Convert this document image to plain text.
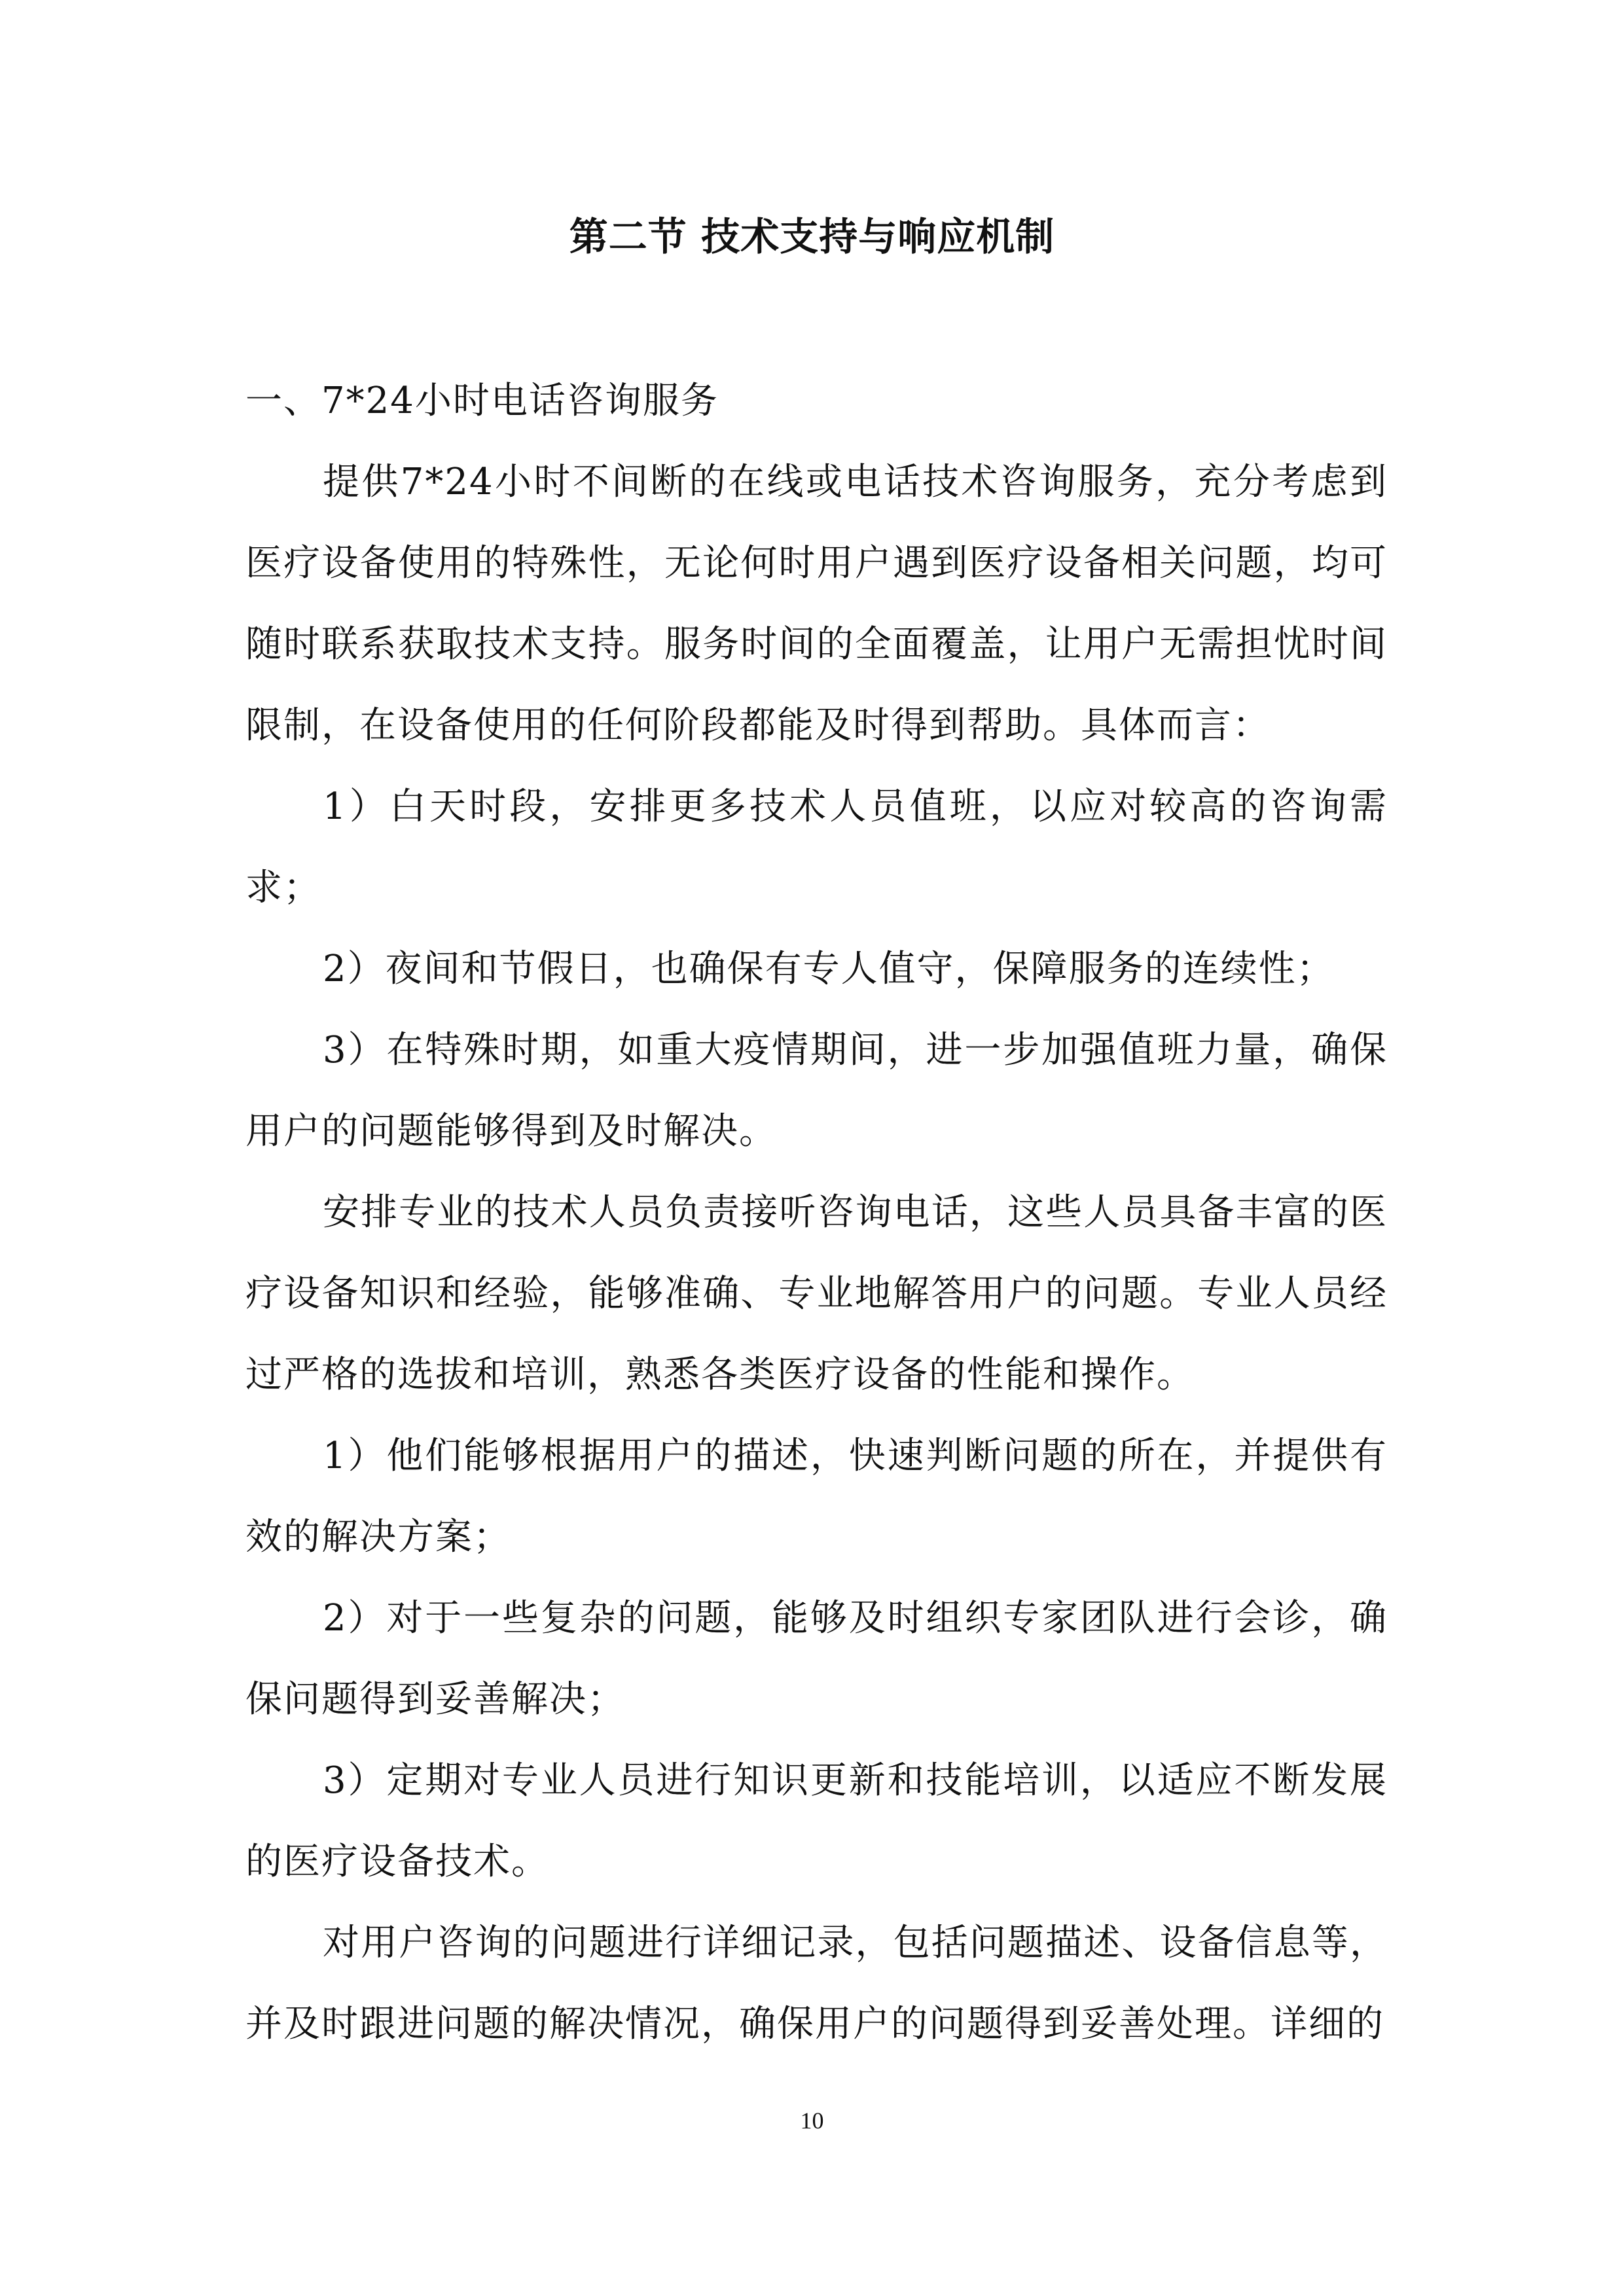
第二节 技术支持与响应机制

一、7*24小时电话咨询服务

提供7*24小时不间断的在线或电话技术咨询服务，充分考虑到医疗设备使用的特殊性，无论何时用户遇到医疗设备相关问题，均可随时联系获取技术支持。服务时间的全面覆盖，让用户无需担忧时间限制，在设备使用的任何阶段都能及时得到帮助。具体而言：

1）白天时段，安排更多技术人员值班，以应对较高的咨询需求；

2）夜间和节假日，也确保有专人值守，保障服务的连续性；

3）在特殊时期，如重大疫情期间，进一步加强值班力量，确保用户的问题能够得到及时解决。

安排专业的技术人员负责接听咨询电话，这些人员具备丰富的医疗设备知识和经验，能够准确、专业地解答用户的问题。专业人员经过严格的选拔和培训，熟悉各类医疗设备的性能和操作。

1）他们能够根据用户的描述，快速判断问题的所在，并提供有效的解决方案；

2）对于一些复杂的问题，能够及时组织专家团队进行会诊，确保问题得到妥善解决；

3）定期对专业人员进行知识更新和技能培训，以适应不断发展的医疗设备技术。

对用户咨询的问题进行详细记录，包括问题描述、设备信息等，并及时跟进问题的解决情况，确保用户的问题得到妥善处理。详细的

10
